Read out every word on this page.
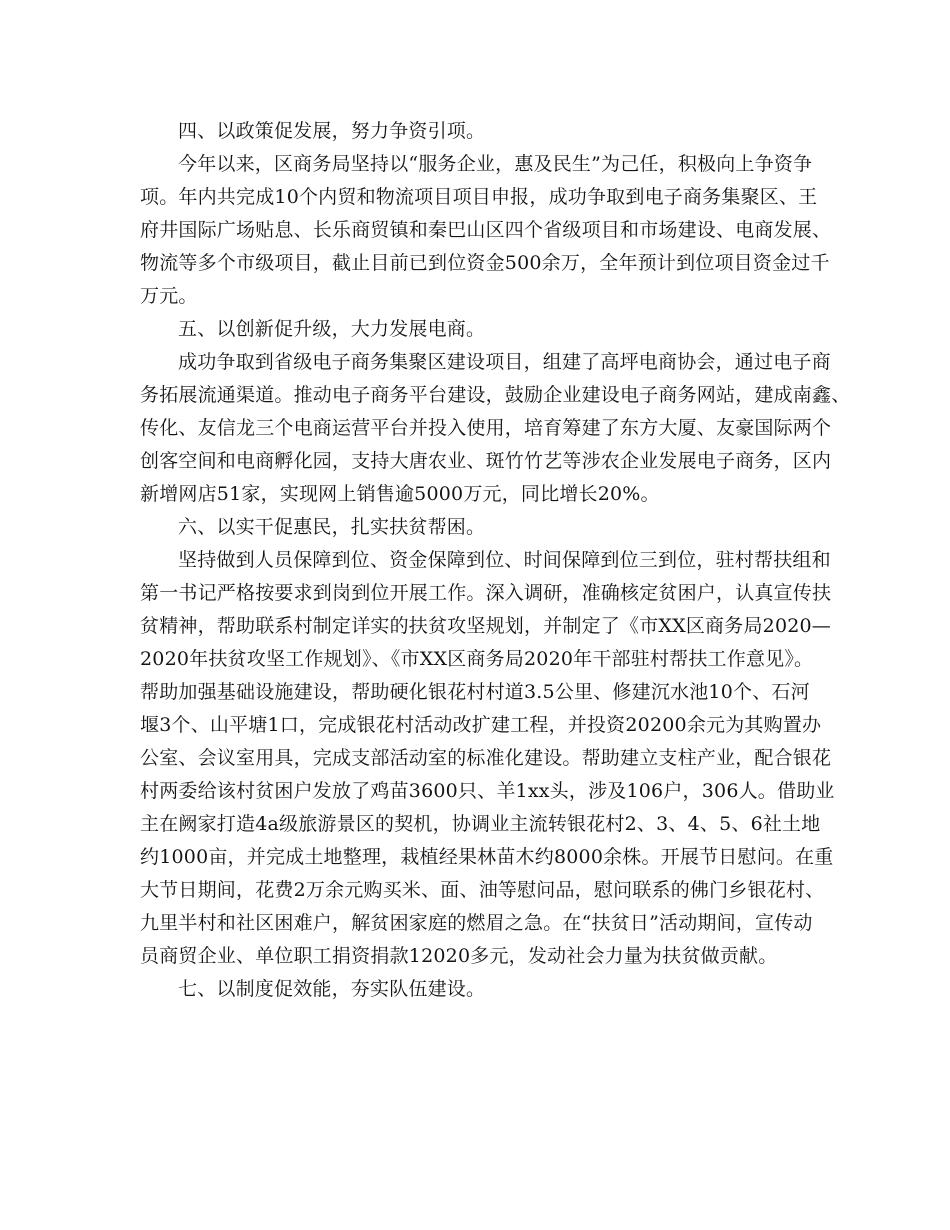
四、以政策促发展，努力争资引项。
今年以来，区商务局坚持以“服务企业，惠及民生”为己任，积极向上争资争
项。年内共完成10个内贸和物流项目项目申报，成功争取到电子商务集聚区、王
府井国际广场贴息、长乐商贸镇和秦巴山区四个省级项目和市场建设、电商发展、
物流等多个市级项目，截止目前已到位资金500余万，全年预计到位项目资金过千
万元。
五、以创新促升级，大力发展电商。
成功争取到省级电子商务集聚区建设项目，组建了高坪电商协会，通过电子商
务拓展流通渠道。推动电子商务平台建设，鼓励企业建设电子商务网站，建成南鑫、
传化、友信龙三个电商运营平台并投入使用，培育筹建了东方大厦、友豪国际两个
创客空间和电商孵化园，支持大唐农业、斑竹竹艺等涉农企业发展电子商务，区内
新增网店51家，实现网上销售逾5000万元，同比增长20%。
六、以实干促惠民，扎实扶贫帮困。
坚持做到人员保障到位、资金保障到位、时间保障到位三到位，驻村帮扶组和
第一书记严格按要求到岗到位开展工作。深入调研，准确核定贫困户，认真宣传扶
贫精神，帮助联系村制定详实的扶贫攻坚规划，并制定了《市XX区商务局2020—
2020年扶贫攻坚工作规划》、《市XX区商务局2020年干部驻村帮扶工作意见》。
帮助加强基础设施建设，帮助硬化银花村村道3.5公里、修建沉水池10个、石河
堰3个、山平塘1口，完成银花村活动改扩建工程，并投资20200余元为其购置办
公室、会议室用具，完成支部活动室的标准化建设。帮助建立支柱产业，配合银花
村两委给该村贫困户发放了鸡苗3600只、羊1xx头，涉及106户，306人。借助业
主在阙家打造4a级旅游景区的契机，协调业主流转银花村2、3、4、5、6社土地
约1000亩，并完成土地整理，栽植经果林苗木约8000余株。开展节日慰问。在重
大节日期间，花费2万余元购买米、面、油等慰问品，慰问联系的佛门乡银花村、
九里半村和社区困难户，解贫困家庭的燃眉之急。在“扶贫日”活动期间，宣传动
员商贸企业、单位职工捐资捐款12020多元，发动社会力量为扶贫做贡献。
七、以制度促效能，夯实队伍建设。
